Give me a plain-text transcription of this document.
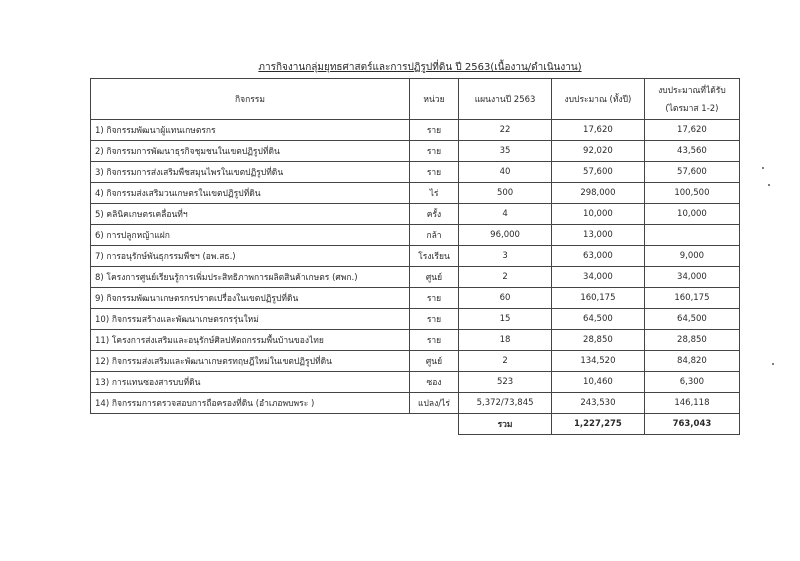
ภารกิจงานกลุ่มยุทธศาสตร์และการปฏิรูปที่ดิน ปี 2563(เนื้องาน/ดำเนินงาน)
กิจกรรม	หน่วย	แผนงานปี 2563	งบประมาณ (ทั้งปี)	งบประมาณที่ได้รับ
(ไตรมาส 1-2)

1) กิจกรรมพัฒนาผู้แทนเกษตรกร	ราย	22	17,620	17,620
2) กิจกรรมการพัฒนาธุรกิจชุมชนในเขตปฏิรูปที่ดิน	ราย	35	92,020	43,560
3) กิจกรรมการส่งเสริมพืชสมุนไพรในเขตปฏิรูปที่ดิน	ราย	40	57,600	57,600
4) กิจกรรมส่งเสริมวนเกษตรในเขตปฏิรูปที่ดิน	ไร่	500	298,000	100,500
5) คลินิคเกษตรเคลื่อนที่ฯ	ครั้ง	4	10,000	10,000
6) การปลูกหญ้าแฝก	กล้า	96,000	13,000	
7) การอนุรักษ์พันธุกรรมพืชฯ (อพ.สธ.)	โรงเรียน	3	63,000	9,000
8) โครงการศูนย์เรียนรู้การเพิ่มประสิทธิภาพการผลิตสินค้าเกษตร (ศพก.)	ศูนย์	2	34,000	34,000
9) กิจกรรมพัฒนาเกษตรกรปราดเปรื่องในเขตปฏิรูปที่ดิน	ราย	60	160,175	160,175
10) กิจกรรมสร้างและพัฒนาเกษตรกรรุ่นใหม่	ราย	15	64,500	64,500
11) โครงการส่งเสริมและอนุรักษ์ศิลปหัตถกรรมพื้นบ้านของไทย	ราย	18	28,850	28,850
12) กิจกรรมส่งเสริมและพัฒนาเกษตรทฤษฎีใหม่ในเขตปฏิรูปที่ดิน	ศูนย์	2	134,520	84,820
13) การแทนซองสารบบที่ดิน	ซอง	523	10,460	6,300
14) กิจกรรมการตรวจสอบการถือครองที่ดิน (อำเภอพบพระ )	แปลง/ไร่	5,372/73,845	243,530	146,118
		รวม	1,227,275	763,043
